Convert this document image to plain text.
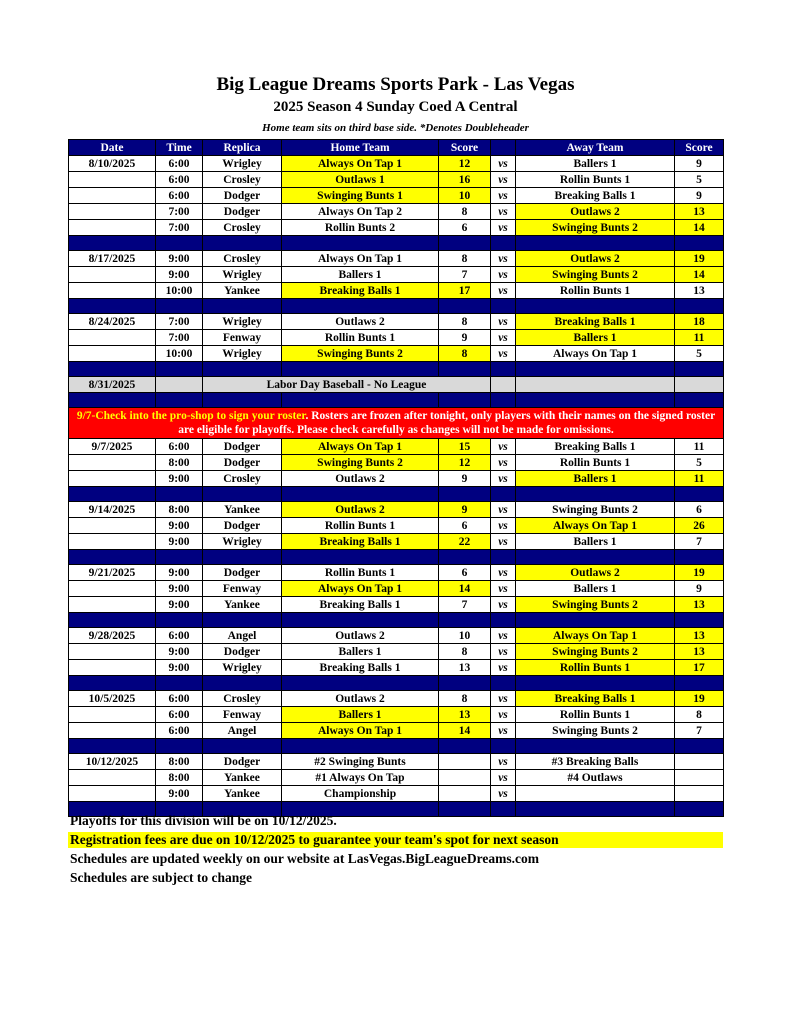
Big League Dreams Sports Park - Las Vegas
2025 Season 4 Sunday Coed A Central
Home team sits on third base side. *Denotes Doubleheader
Date	Time	Replica	Home Team	Score		Away Team	Score
8/10/2025	6:00	Wrigley	Always On Tap 1	12	vs	Ballers 1	9
	6:00	Crosley	Outlaws 1	16	vs	Rollin Bunts 1	5
	6:00	Dodger	Swinging Bunts 1	10	vs	Breaking Balls 1	9
	7:00	Dodger	Always On Tap 2	8	vs	Outlaws 2	13
	7:00	Crosley	Rollin Bunts 2	6	vs	Swinging Bunts 2	14

8/17/2025	9:00	Crosley	Always On Tap 1	8	vs	Outlaws 2	19
	9:00	Wrigley	Ballers 1	7	vs	Swinging Bunts 2	14
	10:00	Yankee	Breaking Balls 1	17	vs	Rollin Bunts 1	13

8/24/2025	7:00	Wrigley	Outlaws 2	8	vs	Breaking Balls 1	18
	7:00	Fenway	Rollin Bunts 1	9	vs	Ballers 1	11
	10:00	Wrigley	Swinging Bunts 2	8	vs	Always On Tap 1	5

8/31/2025		Labor Day Baseball - No League					

9/7-Check into the pro-shop to sign your roster. Rosters are frozen after tonight, only players with their names on the signed roster are eligible for playoffs. Please check carefully as changes will not be made for omissions.							
9/7/2025	6:00	Dodger	Always On Tap 1	15	vs	Breaking Balls 1	11
	8:00	Dodger	Swinging Bunts 2	12	vs	Rollin Bunts 1	5
	9:00	Crosley	Outlaws 2	9	vs	Ballers 1	11

9/14/2025	8:00	Yankee	Outlaws 2	9	vs	Swinging Bunts 2	6
	9:00	Dodger	Rollin Bunts 1	6	vs	Always On Tap 1	26
	9:00	Wrigley	Breaking Balls 1	22	vs	Ballers 1	7

9/21/2025	9:00	Dodger	Rollin Bunts 1	6	vs	Outlaws 2	19
	9:00	Fenway	Always On Tap 1	14	vs	Ballers 1	9
	9:00	Yankee	Breaking Balls 1	7	vs	Swinging Bunts 2	13

9/28/2025	6:00	Angel	Outlaws 2	10	vs	Always On Tap 1	13
	9:00	Dodger	Ballers 1	8	vs	Swinging Bunts 2	13
	9:00	Wrigley	Breaking Balls 1	13	vs	Rollin Bunts 1	17

10/5/2025	6:00	Crosley	Outlaws 2	8	vs	Breaking Balls 1	19
	6:00	Fenway	Ballers 1	13	vs	Rollin Bunts 1	8
	6:00	Angel	Always On Tap 1	14	vs	Swinging Bunts 2	7

10/12/2025	8:00	Dodger	#2 Swinging Bunts		vs	#3 Breaking Balls	
	8:00	Yankee	#1 Always On Tap		vs	#4 Outlaws	
	9:00	Yankee	Championship		vs		

Playoffs for this division will be on 10/12/2025.
Registration fees are due on 10/12/2025 to guarantee your team's spot for next season
Schedules are updated weekly on our website at LasVegas.BigLeagueDreams.com
Schedules are subject to change
